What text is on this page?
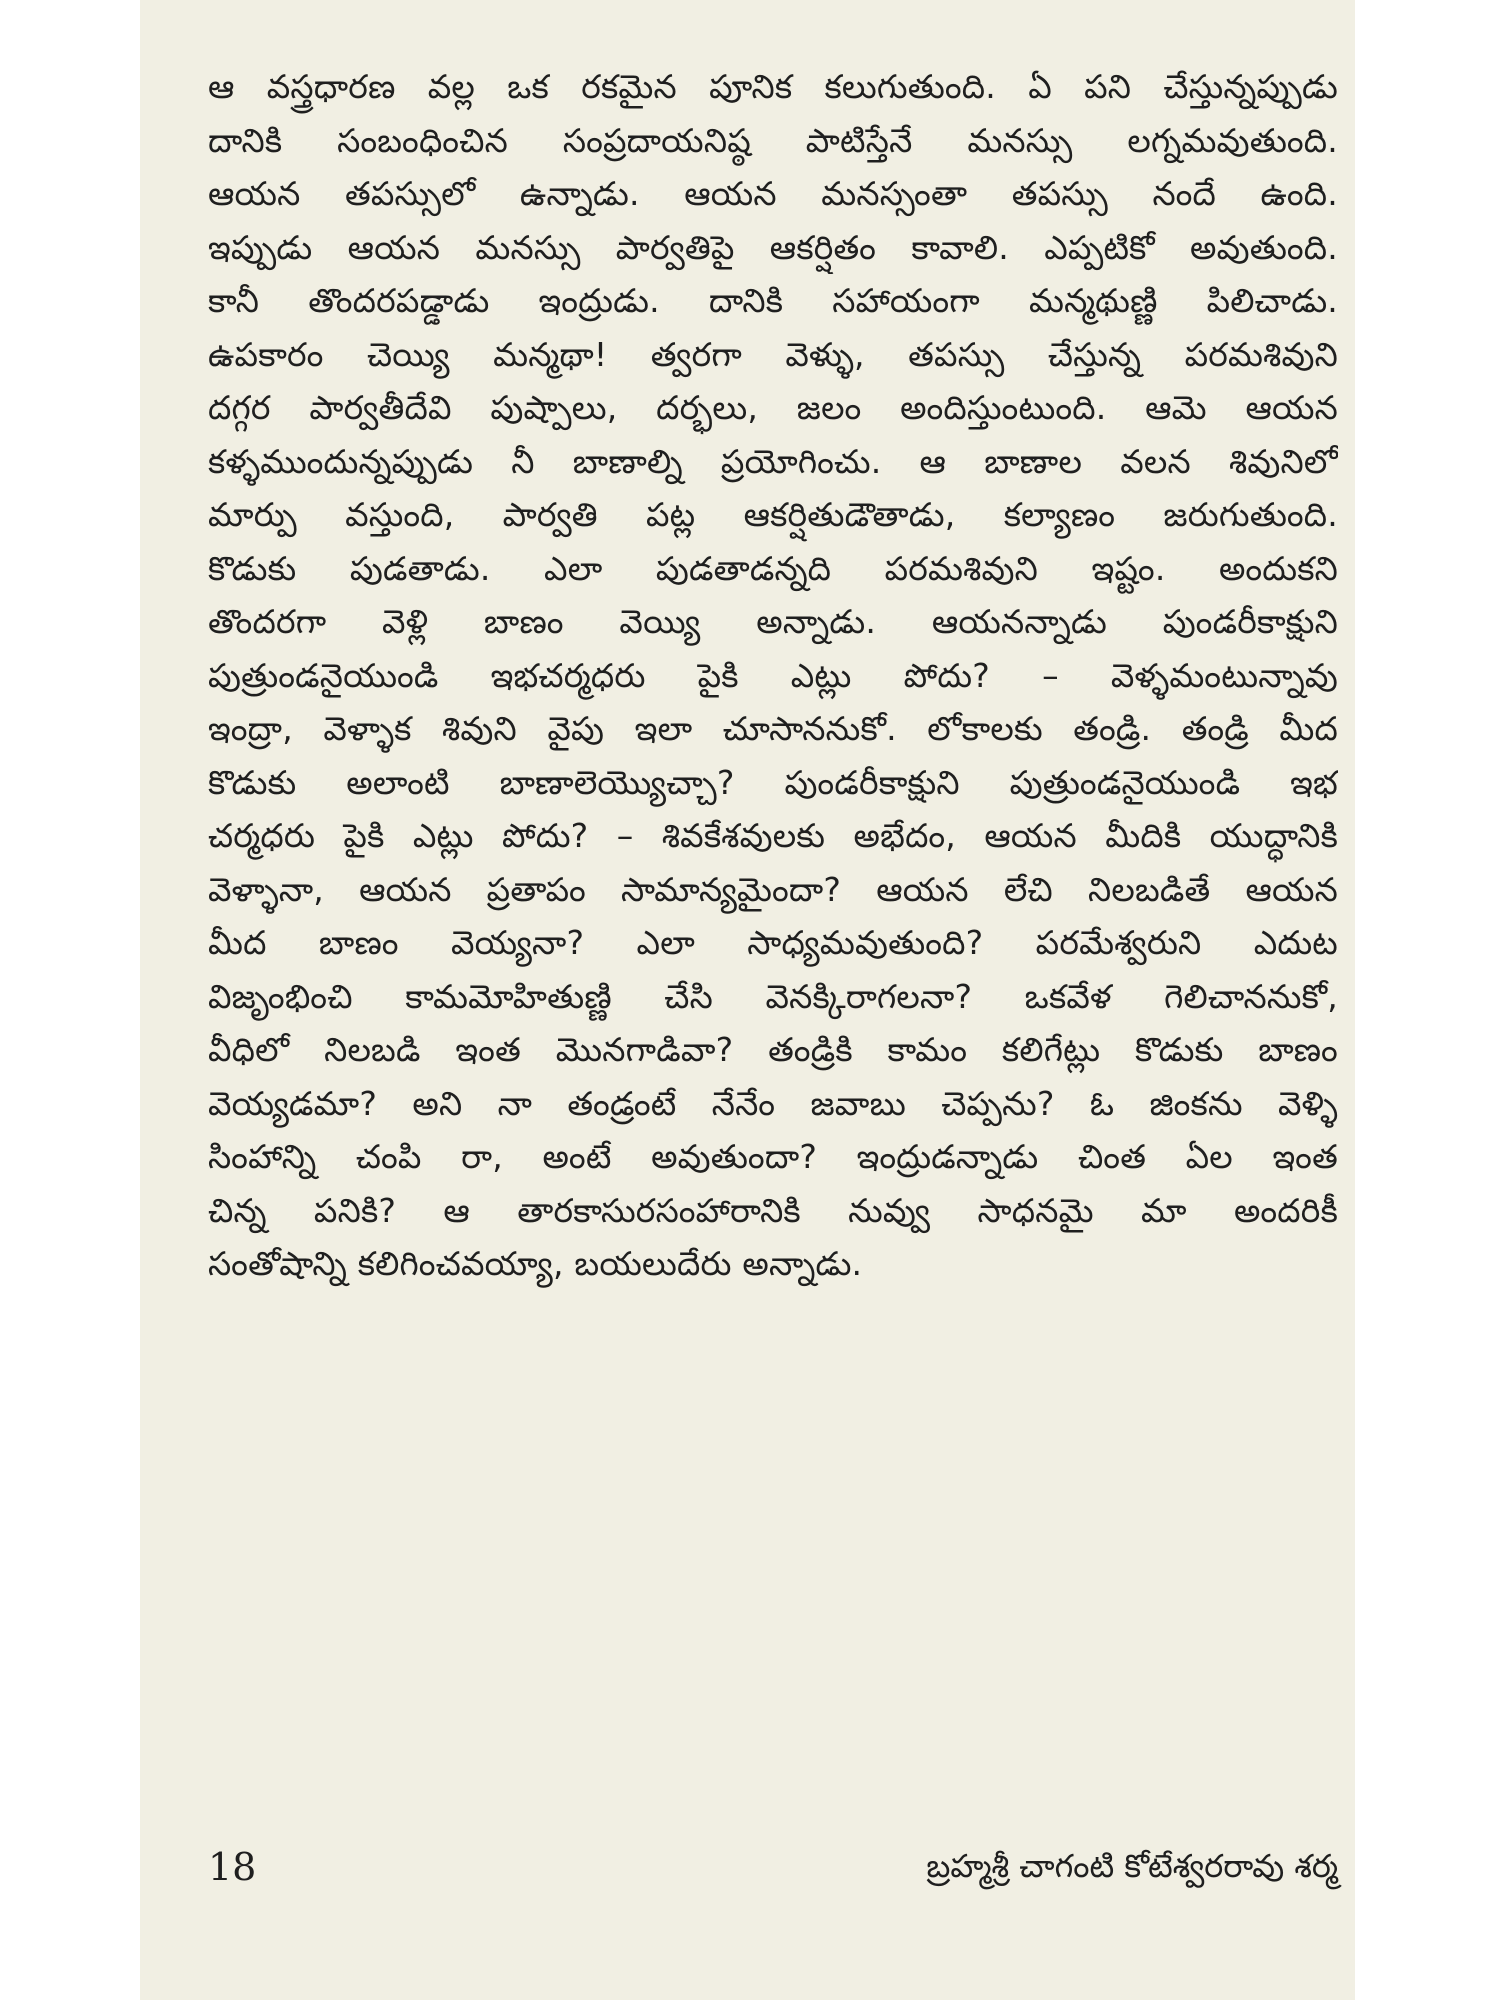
ఆ వస్త్రధారణ వల్ల ఒక రకమైన పూనిక కలుగుతుంది. ఏ పని చేస్తున్నప్పుడు
దానికి సంబంధించిన సంప్రదాయనిష్ఠ పాటిస్తేనే మనస్సు లగ్నమవుతుంది.
ఆయన తపస్సులో ఉన్నాడు. ఆయన మనస్సంతా తపస్సు నందే ఉంది.
ఇప్పుడు ఆయన మనస్సు పార్వతిపై ఆకర్షితం కావాలి. ఎప్పటికో అవుతుంది.
కానీ తొందరపడ్డాడు ఇంద్రుడు. దానికి సహాయంగా మన్మథుణ్ణి పిలిచాడు.
ఉపకారం చెయ్యి మన్మథా! త్వరగా వెళ్ళు, తపస్సు చేస్తున్న పరమశివుని
దగ్గర పార్వతీదేవి పుష్పాలు, దర్భలు, జలం అందిస్తుంటుంది. ఆమె ఆయన
కళ్ళముందున్నప్పుడు నీ బాణాల్ని ప్రయోగించు. ఆ బాణాల వలన శివునిలో
మార్పు వస్తుంది, పార్వతి పట్ల ఆకర్షితుడౌతాడు, కల్యాణం జరుగుతుంది.
కొడుకు పుడతాడు. ఎలా పుడతాడన్నది పరమశివుని ఇష్టం. అందుకని
తొందరగా వెళ్లి బాణం వెయ్యి అన్నాడు. ఆయనన్నాడు పుండరీకాక్షుని
పుత్రుండనైయుండి ఇభచర్మధరు పైకి ఎట్లు పోదు? – వెళ్ళమంటున్నావు
ఇంద్రా, వెళ్ళాక శివుని వైపు ఇలా చూసాననుకో. లోకాలకు తండ్రి. తండ్రి మీద
కొడుకు అలాంటి బాణాలెయ్యొచ్చా? పుండరీకాక్షుని పుత్రుండనైయుండి ఇభ
చర్మధరు పైకి ఎట్లు పోదు? – శివకేశవులకు అభేదం, ఆయన మీదికి యుద్ధానికి
వెళ్ళానా, ఆయన ప్రతాపం సామాన్యమైందా? ఆయన లేచి నిలబడితే ఆయన
మీద బాణం వెయ్యనా? ఎలా సాధ్యమవుతుంది? పరమేశ్వరుని ఎదుట
విజృంభించి కామమోహితుణ్ణి చేసి వెనక్కిరాగలనా? ఒకవేళ గెలిచాననుకో,
వీధిలో నిలబడి ఇంత మొనగాడివా? తండ్రికి కామం కలిగేట్లు కొడుకు బాణం
వెయ్యడమా? అని నా తండ్రంటే నేనేం జవాబు చెప్పను? ఓ జింకను వెళ్ళి
సింహాన్ని చంపి రా, అంటే అవుతుందా? ఇంద్రుడన్నాడు చింత ఏల ఇంత
చిన్న పనికి? ఆ తారకాసురసంహారానికి నువ్వు సాధనమై మా అందరికీ
సంతోషాన్ని కలిగించవయ్యా, బయలుదేరు అన్నాడు.
18	బ్రహ్మశ్రీ చాగంటి కోటేశ్వరరావు శర్మ
